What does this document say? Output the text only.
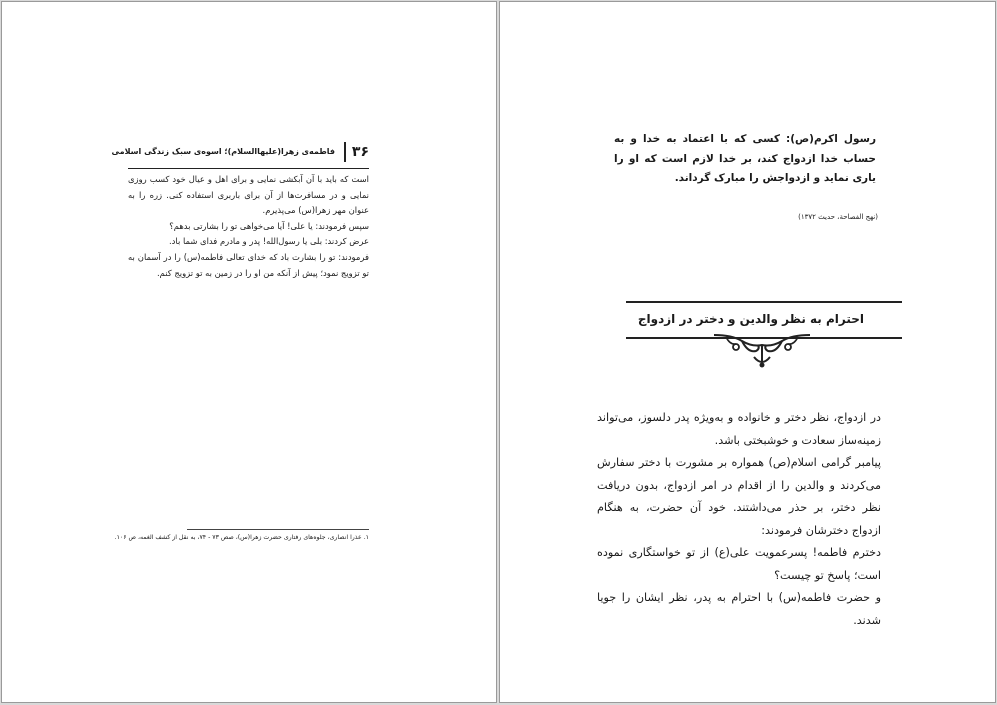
۳۶
فاطمه‌ی زهرا(علیهاالسلام)؛ اسوه‌ی سبک زندگی اسلامی

است که باید با آن آبکشی نمایی و برای اهل و عیال خود کسب روزی نمایی و در مسافرت‌ها از آن برای باربری استفاده کنی. زره را به عنوان مهر زهرا(س) می‌پذیرم.

سپس فرمودند: یا علی! آیا می‌خواهی تو را بشارتی بدهم؟

عرض کردند: بلی یا رسول‌الله! پدر و مادرم فدای شما باد.

فرمودند: تو را بشارت باد که خدای تعالی فاطمه(س) را در آسمان به تو تزویج نمود؛ پیش از آنکه من او را در زمین به تو تزویج کنم.

۱. عذرا انصاری، جلوه‌های رفتاری حضرت زهرا(س)، صص ۷۳ - ۷۴، به نقل از کشف الغمه، ص ۱۰۶.

رسول اکرم(ص): کسی که با اعتماد به خدا و به حساب خدا ازدواج کند، بر خدا لازم است که او را یاری نماید و ازدواجش را مبارک گرداند.

(نهج الفصاحة، حدیث ۱۳۷۲)
احترام به نظر والدین و دختر در ازدواج

در ازدواج، نظر دختر و خانواده و به‌ویژه پدر دلسوز، می‌تواند زمینه‌ساز سعادت و خوشبختی باشد.

پیامبر گرامی اسلام(ص) همواره بر مشورت با دختر سفارش می‌کردند و والدین را از اقدام در امر ازدواج، بدون دریافت نظر دختر، بر حذر می‌داشتند. خود آن حضرت، به هنگام ازدواج دخترشان فرمودند:

دخترم فاطمه! پسرعمویت علی(ع) از تو خواستگاری نموده است؛ پاسخ تو چیست؟

و حضرت فاطمه(س) با احترام به پدر، نظر ایشان را جویا شدند.
